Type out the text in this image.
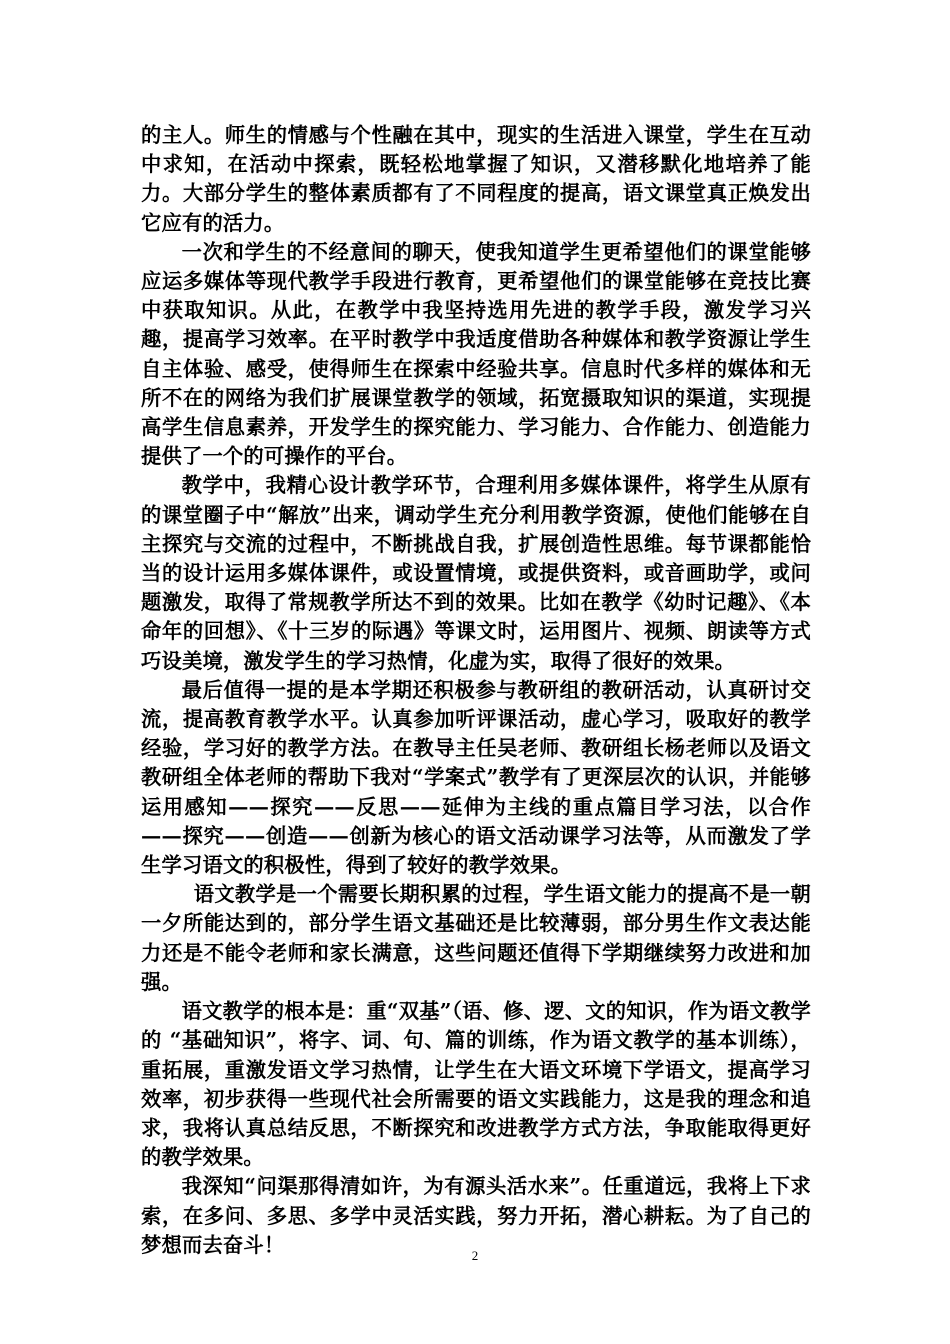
的主人。师生的情感与个性融在其中，现实的生活进入课堂，学生在互动中求知，在活动中探索，既轻松地掌握了知识，又潜移默化地培养了能力。大部分学生的整体素质都有了不同程度的提高，语文课堂真正焕发出它应有的活力。

一次和学生的不经意间的聊天，使我知道学生更希望他们的课堂能够应运多媒体等现代教学手段进行教育，更希望他们的课堂能够在竞技比赛中获取知识。从此，在教学中我坚持选用先进的教学手段，激发学习兴趣，提高学习效率。在平时教学中我适度借助各种媒体和教学资源让学生自主体验、感受，使得师生在探索中经验共享。信息时代多样的媒体和无所不在的网络为我们扩展课堂教学的领域，拓宽摄取知识的渠道，实现提高学生信息素养，开发学生的探究能力、学习能力、合作能力、创造能力提供了一个的可操作的平台。

教学中，我精心设计教学环节，合理利用多媒体课件，将学生从原有的课堂圈子中“解放”出来，调动学生充分利用教学资源，使他们能够在自主探究与交流的过程中，不断挑战自我，扩展创造性思维。每节课都能恰当的设计运用多媒体课件，或设置情境，或提供资料，或音画助学，或问题激发，取得了常规教学所达不到的效果。比如在教学《幼时记趣》、《本命年的回想》、《十三岁的际遇》等课文时，运用图片、视频、朗读等方式巧设美境，激发学生的学习热情，化虚为实，取得了很好的效果。

最后值得一提的是本学期还积极参与教研组的教研活动，认真研讨交流，提高教育教学水平。认真参加听评课活动，虚心学习，吸取好的教学经验，学习好的教学方法。在教导主任吴老师、教研组长杨老师以及语文教研组全体老师的帮助下我对“学案式”教学有了更深层次的认识，并能够运用感知——探究——反思——延伸为主线的重点篇目学习法，以合作——探究——创造——创新为核心的语文活动课学习法等，从而激发了学生学习语文的积极性，得到了较好的教学效果。

语文教学是一个需要长期积累的过程，学生语文能力的提高不是一朝一夕所能达到的，部分学生语文基础还是比较薄弱，部分男生作文表达能力还是不能令老师和家长满意，这些问题还值得下学期继续努力改进和加强。

语文教学的根本是：重“双基”（语、修、逻、文的知识，作为语文教学的 “基础知识”，将字、词、句、篇的训练，作为语文教学的基本训练），重拓展，重激发语文学习热情，让学生在大语文环境下学语文，提高学习效率，初步获得一些现代社会所需要的语文实践能力，这是我的理念和追求，我将认真总结反思，不断探究和改进教学方式方法，争取能取得更好的教学效果。

我深知“问渠那得清如许，为有源头活水来”。任重道远，我将上下求索，在多问、多思、多学中灵活实践，努力开拓，潜心耕耘。为了自己的梦想而去奋斗！	2
